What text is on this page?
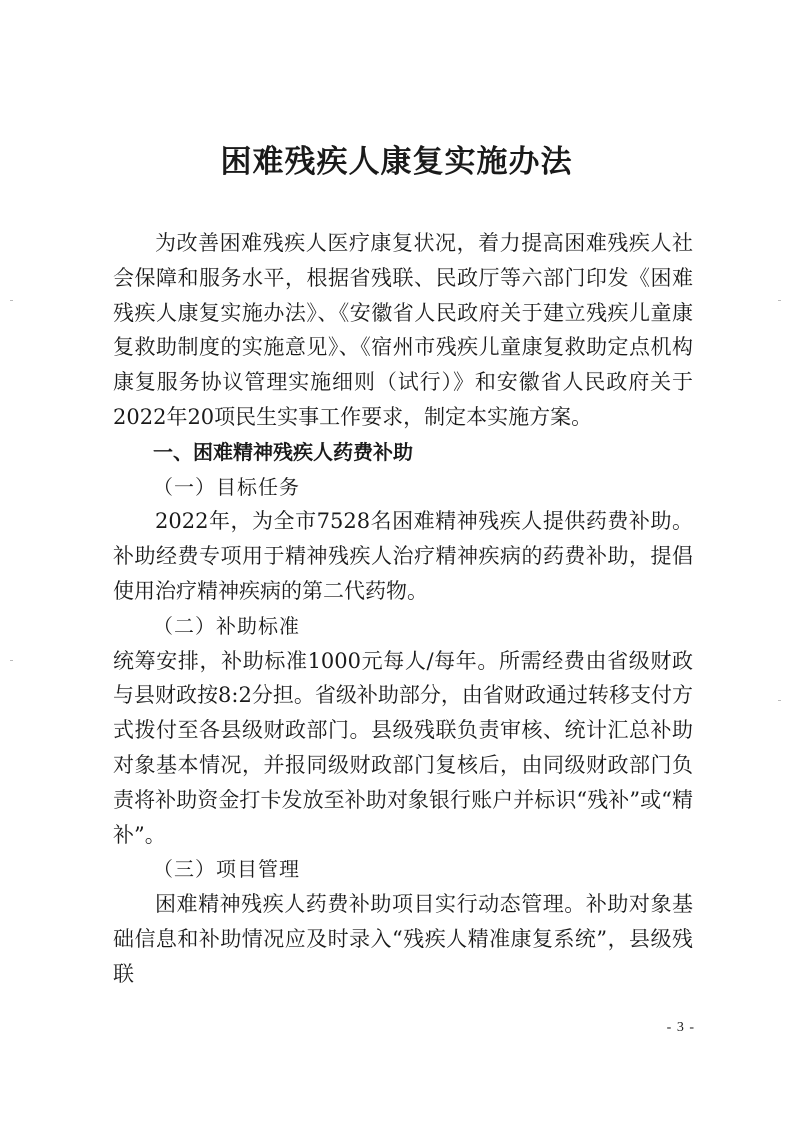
困难残疾人康复实施办法

为改善困难残疾人医疗康复状况，着力提高困难残疾人社会保障和服务水平，根据省残联、民政厅等六部门印发《困难残疾人康复实施办法》、《安徽省人民政府关于建立残疾儿童康复救助制度的实施意见》、《宿州市残疾儿童康复救助定点机构康复服务协议管理实施细则（试行）》和安徽省人民政府关于2022年20项民生实事工作要求，制定本实施方案。

一、困难精神残疾人药费补助

（一）目标任务

2022年，为全市7528名困难精神残疾人提供药费补助。补助经费专项用于精神残疾人治疗精神疾病的药费补助，提倡使用治疗精神疾病的第二代药物。

（二）补助标准

统筹安排，补助标准1000元每人/每年。所需经费由省级财政与县财政按8:2分担。省级补助部分，由省财政通过转移支付方式拨付至各县级财政部门。县级残联负责审核、统计汇总补助对象基本情况，并报同级财政部门复核后，由同级财政部门负责将补助资金打卡发放至补助对象银行账户并标识“残补”或“精补”。

（三）项目管理

困难精神残疾人药费补助项目实行动态管理。补助对象基础信息和补助情况应及时录入“残疾人精准康复系统”，县级残联

- 3 -
